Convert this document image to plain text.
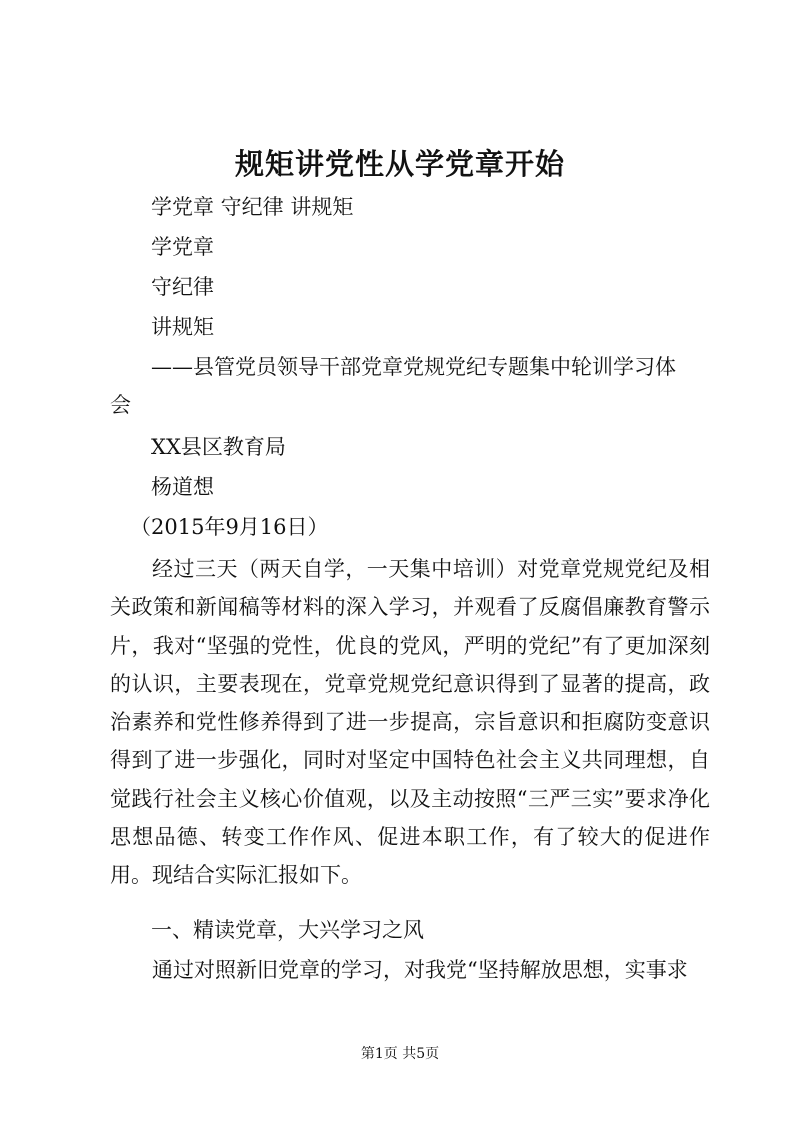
规矩讲党性从学党章开始
学党章 守纪律 讲规矩
学党章
守纪律
讲规矩
——县管党员领导干部党章党规党纪专题集中轮训学习体
会
XX县区教育局
杨道想
（2015年9月16日）
经过三天（两天自学，一天集中培训）对党章党规党纪及相关政策和新闻稿等材料的深入学习，并观看了反腐倡廉教育警示片，我对“坚强的党性，优良的党风，严明的党纪”有了更加深刻的认识，主要表现在，党章党规党纪意识得到了显著的提高，政治素养和党性修养得到了进一步提高，宗旨意识和拒腐防变意识得到了进一步强化，同时对坚定中国特色社会主义共同理想，自觉践行社会主义核心价值观，以及主动按照“三严三实”要求净化思想品德、转变工作作风、促进本职工作，有了较大的促进作用。现结合实际汇报如下。
一、精读党章，大兴学习之风
通过对照新旧党章的学习，对我党“坚持解放思想，实事求
第1页 共5页
